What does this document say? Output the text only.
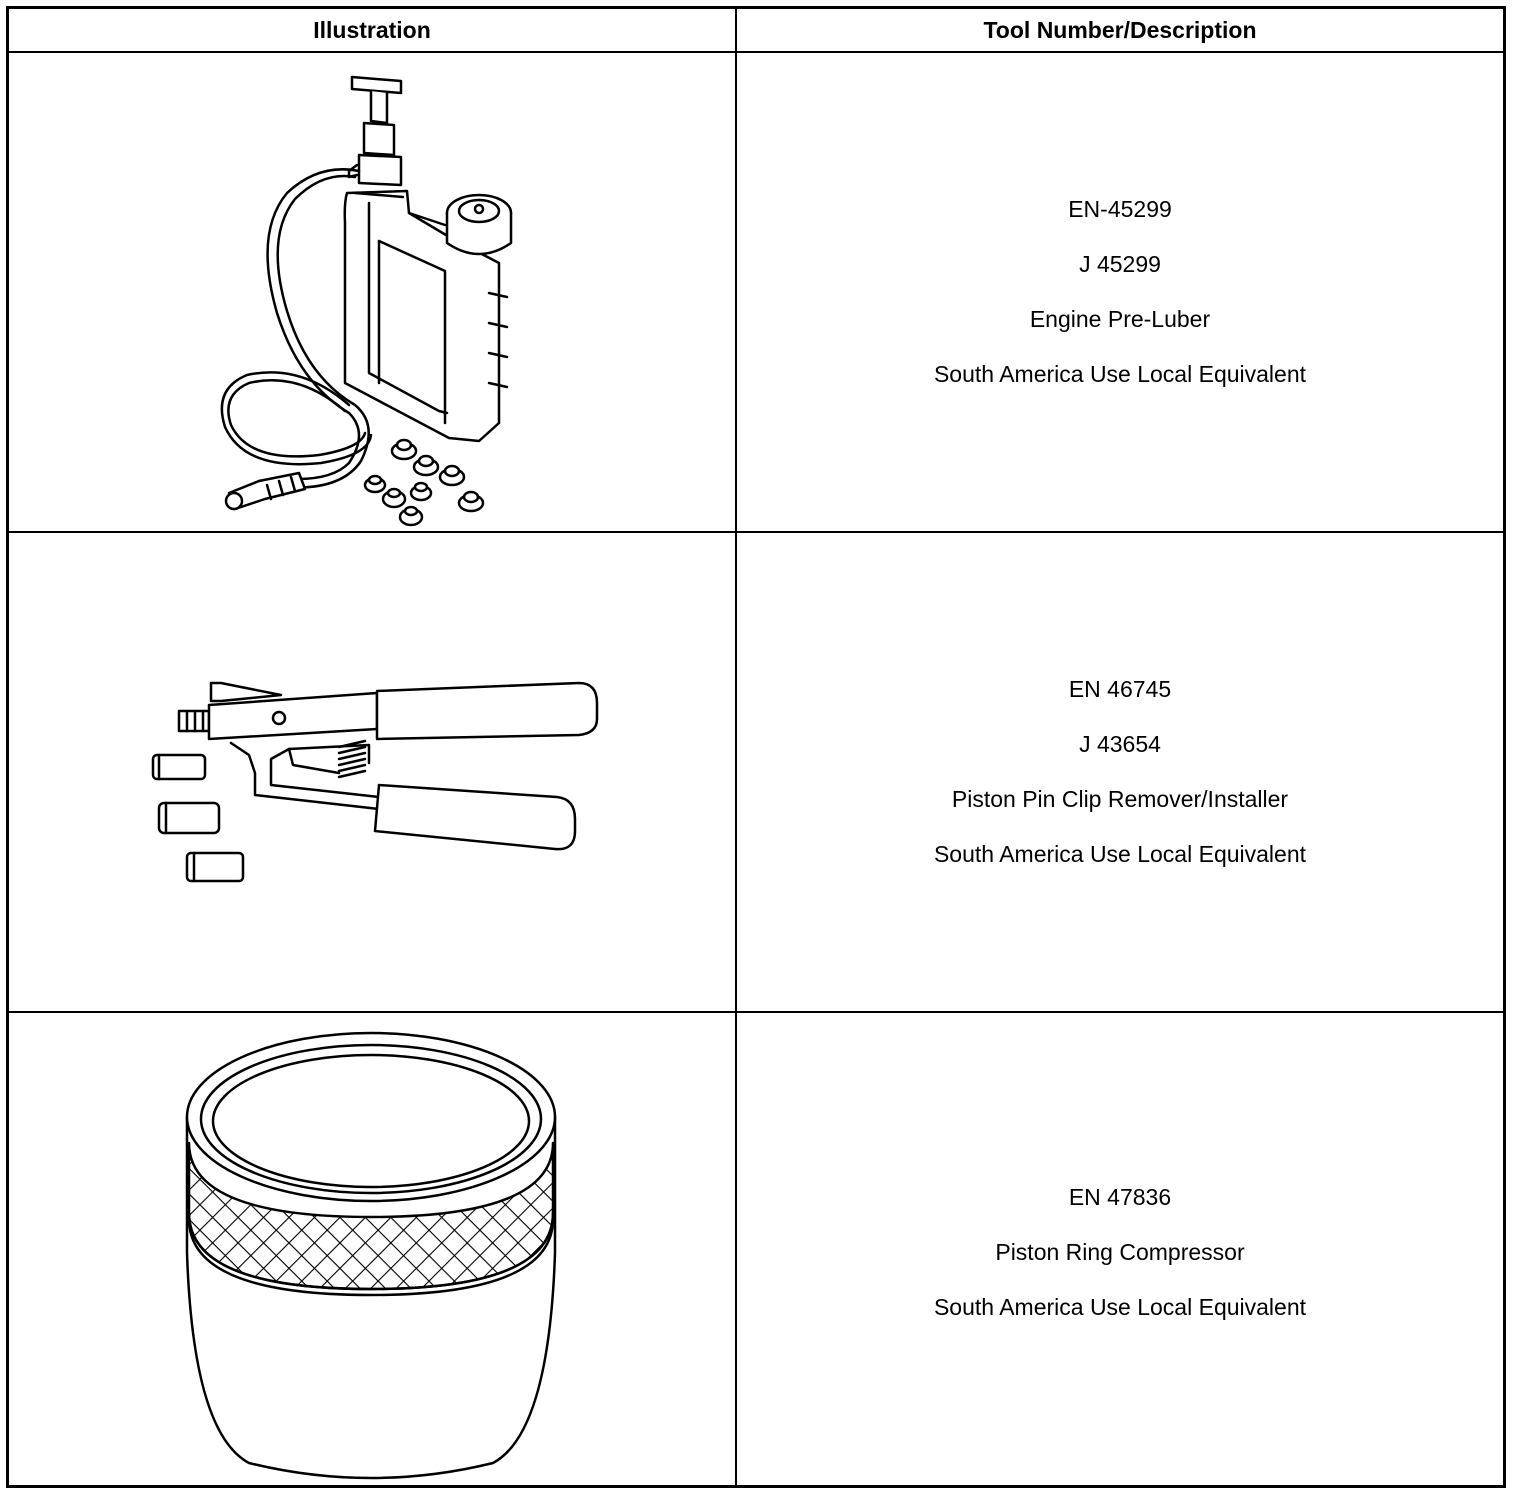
Illustration	Tool Number/Description

EN-45299

J 45299

Engine Pre-Luber

South America Use Local Equivalent

EN 46745

J 43654

Piston Pin Clip Remover/Installer

South America Use Local Equivalent

EN 47836

Piston Ring Compressor

South America Use Local Equivalent
